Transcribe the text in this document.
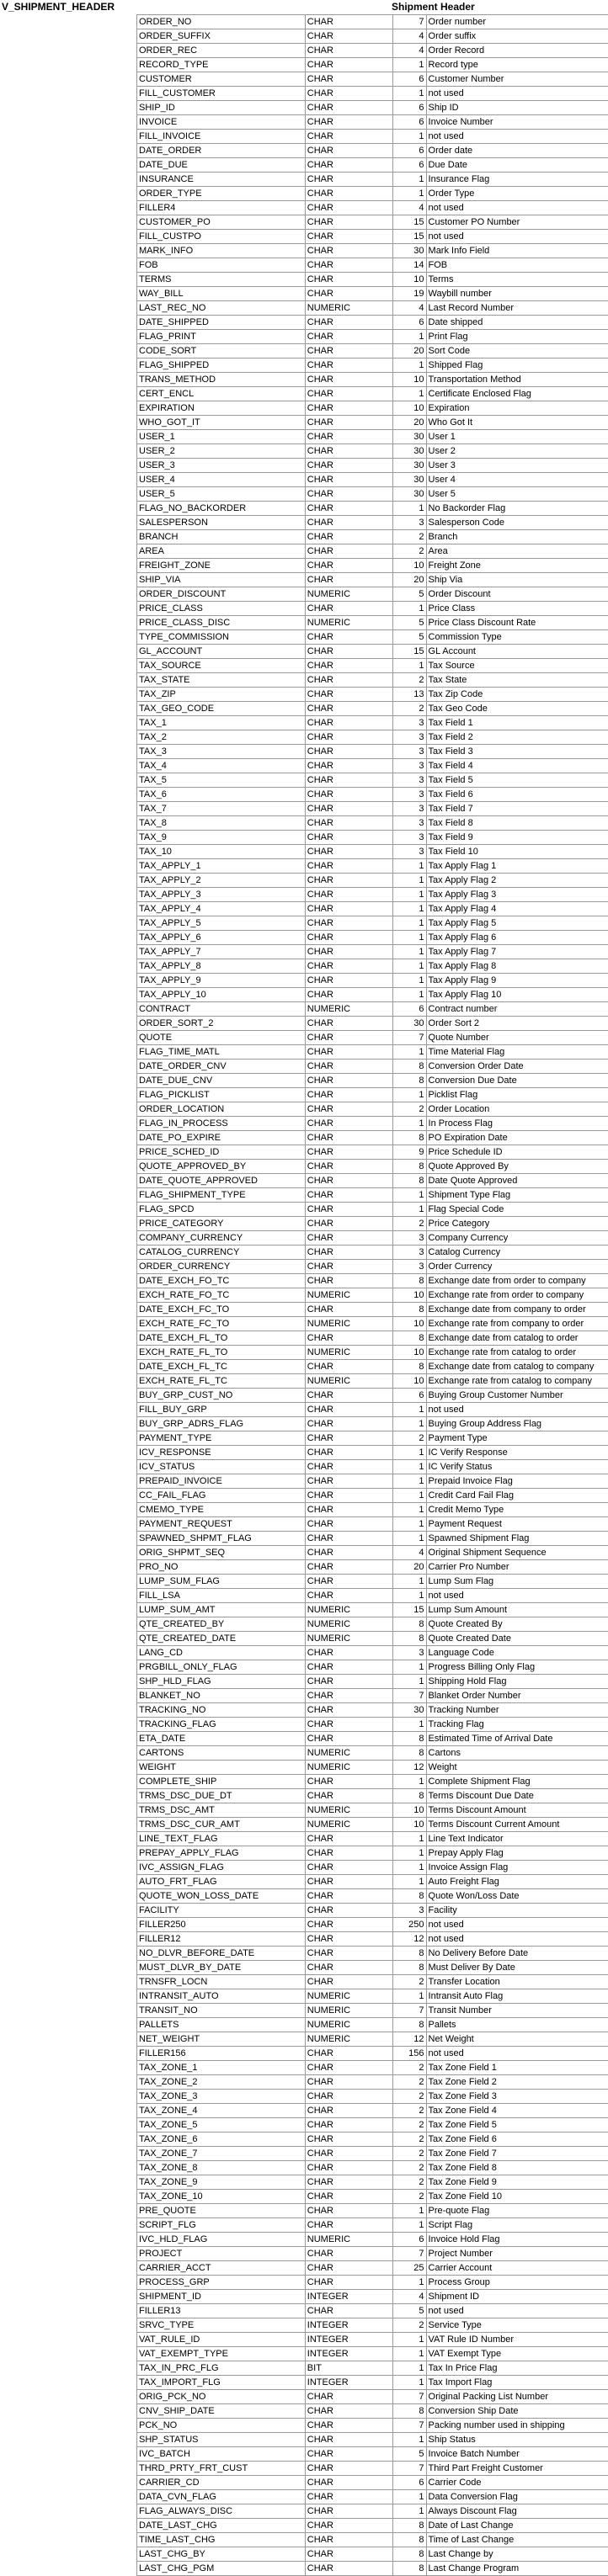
V_SHIPMENT_HEADER	Shipment Header
ORDER_NO	CHAR	7	Order number
ORDER_SUFFIX	CHAR	4	Order suffix
ORDER_REC	CHAR	4	Order Record
RECORD_TYPE	CHAR	1	Record type
CUSTOMER	CHAR	6	Customer Number
FILL_CUSTOMER	CHAR	1	not used
SHIP_ID	CHAR	6	Ship ID
INVOICE	CHAR	6	Invoice Number
FILL_INVOICE	CHAR	1	not used
DATE_ORDER	CHAR	6	Order date
DATE_DUE	CHAR	6	Due Date
INSURANCE	CHAR	1	Insurance Flag
ORDER_TYPE	CHAR	1	Order Type
FILLER4	CHAR	4	not used
CUSTOMER_PO	CHAR	15	Customer PO Number
FILL_CUSTPO	CHAR	15	not used
MARK_INFO	CHAR	30	Mark Info Field
FOB	CHAR	14	FOB
TERMS	CHAR	10	Terms
WAY_BILL	CHAR	19	Waybill number
LAST_REC_NO	NUMERIC	4	Last Record Number
DATE_SHIPPED	CHAR	6	Date shipped
FLAG_PRINT	CHAR	1	Print Flag
CODE_SORT	CHAR	20	Sort Code
FLAG_SHIPPED	CHAR	1	Shipped Flag
TRANS_METHOD	CHAR	10	Transportation Method
CERT_ENCL	CHAR	1	Certificate Enclosed Flag
EXPIRATION	CHAR	10	Expiration
WHO_GOT_IT	CHAR	20	Who Got It
USER_1	CHAR	30	User 1
USER_2	CHAR	30	User 2
USER_3	CHAR	30	User 3
USER_4	CHAR	30	User 4
USER_5	CHAR	30	User 5
FLAG_NO_BACKORDER	CHAR	1	No Backorder Flag
SALESPERSON	CHAR	3	Salesperson Code
BRANCH	CHAR	2	Branch
AREA	CHAR	2	Area
FREIGHT_ZONE	CHAR	10	Freight Zone
SHIP_VIA	CHAR	20	Ship Via
ORDER_DISCOUNT	NUMERIC	5	Order Discount
PRICE_CLASS	CHAR	1	Price Class
PRICE_CLASS_DISC	NUMERIC	5	Price Class Discount Rate
TYPE_COMMISSION	CHAR	5	Commission Type
GL_ACCOUNT	CHAR	15	GL Account
TAX_SOURCE	CHAR	1	Tax Source
TAX_STATE	CHAR	2	Tax State
TAX_ZIP	CHAR	13	Tax Zip Code
TAX_GEO_CODE	CHAR	2	Tax Geo Code
TAX_1	CHAR	3	Tax Field 1
TAX_2	CHAR	3	Tax Field 2
TAX_3	CHAR	3	Tax Field 3
TAX_4	CHAR	3	Tax Field 4
TAX_5	CHAR	3	Tax Field 5
TAX_6	CHAR	3	Tax Field 6
TAX_7	CHAR	3	Tax Field 7
TAX_8	CHAR	3	Tax Field 8
TAX_9	CHAR	3	Tax Field 9
TAX_10	CHAR	3	Tax Field 10
TAX_APPLY_1	CHAR	1	Tax Apply Flag 1
TAX_APPLY_2	CHAR	1	Tax Apply Flag 2
TAX_APPLY_3	CHAR	1	Tax Apply Flag 3
TAX_APPLY_4	CHAR	1	Tax Apply Flag 4
TAX_APPLY_5	CHAR	1	Tax Apply Flag 5
TAX_APPLY_6	CHAR	1	Tax Apply Flag 6
TAX_APPLY_7	CHAR	1	Tax Apply Flag 7
TAX_APPLY_8	CHAR	1	Tax Apply Flag 8
TAX_APPLY_9	CHAR	1	Tax Apply Flag 9
TAX_APPLY_10	CHAR	1	Tax Apply Flag 10
CONTRACT	NUMERIC	6	Contract number
ORDER_SORT_2	CHAR	30	Order Sort 2
QUOTE	CHAR	7	Quote Number
FLAG_TIME_MATL	CHAR	1	Time Material Flag
DATE_ORDER_CNV	CHAR	8	Conversion Order Date
DATE_DUE_CNV	CHAR	8	Conversion Due Date
FLAG_PICKLIST	CHAR	1	Picklist Flag
ORDER_LOCATION	CHAR	2	Order Location
FLAG_IN_PROCESS	CHAR	1	In Process Flag
DATE_PO_EXPIRE	CHAR	8	PO Expiration Date
PRICE_SCHED_ID	CHAR	9	Price Schedule ID
QUOTE_APPROVED_BY	CHAR	8	Quote Approved By
DATE_QUOTE_APPROVED	CHAR	8	Date Quote Approved
FLAG_SHIPMENT_TYPE	CHAR	1	Shipment Type Flag
FLAG_SPCD	CHAR	1	Flag Special Code
PRICE_CATEGORY	CHAR	2	Price Category
COMPANY_CURRENCY	CHAR	3	Company Currency
CATALOG_CURRENCY	CHAR	3	Catalog Currency
ORDER_CURRENCY	CHAR	3	Order Currency
DATE_EXCH_FO_TC	CHAR	8	Exchange date from order to company
EXCH_RATE_FO_TC	NUMERIC	10	Exchange rate from order to company
DATE_EXCH_FC_TO	CHAR	8	Exchange date from company to order
EXCH_RATE_FC_TO	NUMERIC	10	Exchange rate from company to order
DATE_EXCH_FL_TO	CHAR	8	Exchange date from catalog to order
EXCH_RATE_FL_TO	NUMERIC	10	Exchange rate from catalog to order
DATE_EXCH_FL_TC	CHAR	8	Exchange date from catalog to company
EXCH_RATE_FL_TC	NUMERIC	10	Exchange rate from catalog to company
BUY_GRP_CUST_NO	CHAR	6	Buying Group Customer Number
FILL_BUY_GRP	CHAR	1	not used
BUY_GRP_ADRS_FLAG	CHAR	1	Buying Group Address Flag
PAYMENT_TYPE	CHAR	2	Payment Type
ICV_RESPONSE	CHAR	1	IC Verify Response
ICV_STATUS	CHAR	1	IC Verify Status
PREPAID_INVOICE	CHAR	1	Prepaid Invoice Flag
CC_FAIL_FLAG	CHAR	1	Credit Card Fail Flag
CMEMO_TYPE	CHAR	1	Credit Memo Type
PAYMENT_REQUEST	CHAR	1	Payment Request
SPAWNED_SHPMT_FLAG	CHAR	1	Spawned Shipment Flag
ORIG_SHPMT_SEQ	CHAR	4	Original Shipment Sequence
PRO_NO	CHAR	20	Carrier Pro Number
LUMP_SUM_FLAG	CHAR	1	Lump Sum Flag
FILL_LSA	CHAR	1	not used
LUMP_SUM_AMT	NUMERIC	15	Lump Sum Amount
QTE_CREATED_BY	NUMERIC	8	Quote Created By
QTE_CREATED_DATE	NUMERIC	8	Quote Created Date
LANG_CD	CHAR	3	Language Code
PRGBILL_ONLY_FLAG	CHAR	1	Progress Billing Only Flag
SHP_HLD_FLAG	CHAR	1	Shipping Hold Flag
BLANKET_NO	CHAR	7	Blanket Order Number
TRACKING_NO	CHAR	30	Tracking Number
TRACKING_FLAG	CHAR	1	Tracking Flag
ETA_DATE	CHAR	8	Estimated Time of Arrival Date
CARTONS	NUMERIC	8	Cartons
WEIGHT	NUMERIC	12	Weight
COMPLETE_SHIP	CHAR	1	Complete Shipment Flag
TRMS_DSC_DUE_DT	CHAR	8	Terms Discount Due Date
TRMS_DSC_AMT	NUMERIC	10	Terms Discount Amount
TRMS_DSC_CUR_AMT	NUMERIC	10	Terms Discount Current Amount
LINE_TEXT_FLAG	CHAR	1	Line Text Indicator
PREPAY_APPLY_FLAG	CHAR	1	Prepay Apply Flag
IVC_ASSIGN_FLAG	CHAR	1	Invoice Assign Flag
AUTO_FRT_FLAG	CHAR	1	Auto Freight Flag
QUOTE_WON_LOSS_DATE	CHAR	8	Quote Won/Loss Date
FACILITY	CHAR	3	Facility
FILLER250	CHAR	250	not used
FILLER12	CHAR	12	not used
NO_DLVR_BEFORE_DATE	CHAR	8	No Delivery Before Date
MUST_DLVR_BY_DATE	CHAR	8	Must Deliver By Date
TRNSFR_LOCN	CHAR	2	Transfer Location
INTRANSIT_AUTO	NUMERIC	1	Intransit Auto Flag
TRANSIT_NO	NUMERIC	7	Transit Number
PALLETS	NUMERIC	8	Pallets
NET_WEIGHT	NUMERIC	12	Net Weight
FILLER156	CHAR	156	not used
TAX_ZONE_1	CHAR	2	Tax Zone Field 1
TAX_ZONE_2	CHAR	2	Tax Zone Field 2
TAX_ZONE_3	CHAR	2	Tax Zone Field 3
TAX_ZONE_4	CHAR	2	Tax Zone Field 4
TAX_ZONE_5	CHAR	2	Tax Zone Field 5
TAX_ZONE_6	CHAR	2	Tax Zone Field 6
TAX_ZONE_7	CHAR	2	Tax Zone Field 7
TAX_ZONE_8	CHAR	2	Tax Zone Field 8
TAX_ZONE_9	CHAR	2	Tax Zone Field 9
TAX_ZONE_10	CHAR	2	Tax Zone Field 10
PRE_QUOTE	CHAR	1	Pre-quote Flag
SCRIPT_FLG	CHAR	1	Script Flag
IVC_HLD_FLAG	NUMERIC	6	Invoice Hold Flag
PROJECT	CHAR	7	Project Number
CARRIER_ACCT	CHAR	25	Carrier Account
PROCESS_GRP	CHAR	1	Process Group
SHIPMENT_ID	INTEGER	4	Shipment ID
FILLER13	CHAR	5	not used
SRVC_TYPE	INTEGER	2	Service Type
VAT_RULE_ID	INTEGER	1	VAT Rule ID Number
VAT_EXEMPT_TYPE	INTEGER	1	VAT Exempt Type
TAX_IN_PRC_FLG	BIT	1	Tax In Price Flag
TAX_IMPORT_FLG	INTEGER	1	Tax Import Flag
ORIG_PCK_NO	CHAR	7	Original Packing List Number
CNV_SHIP_DATE	CHAR	8	Conversion Ship Date
PCK_NO	CHAR	7	Packing number used in shipping
SHP_STATUS	CHAR	1	Ship Status
IVC_BATCH	CHAR	5	Invoice Batch Number
THRD_PRTY_FRT_CUST	CHAR	7	Third Part Freight Customer
CARRIER_CD	CHAR	6	Carrier Code
DATA_CVN_FLAG	CHAR	1	Data Conversion Flag
FLAG_ALWAYS_DISC	CHAR	1	Always Discount Flag
DATE_LAST_CHG	CHAR	8	Date of Last Change
TIME_LAST_CHG	CHAR	8	Time of Last Change
LAST_CHG_BY	CHAR	8	Last Change by
LAST_CHG_PGM	CHAR	8	Last Change Program
